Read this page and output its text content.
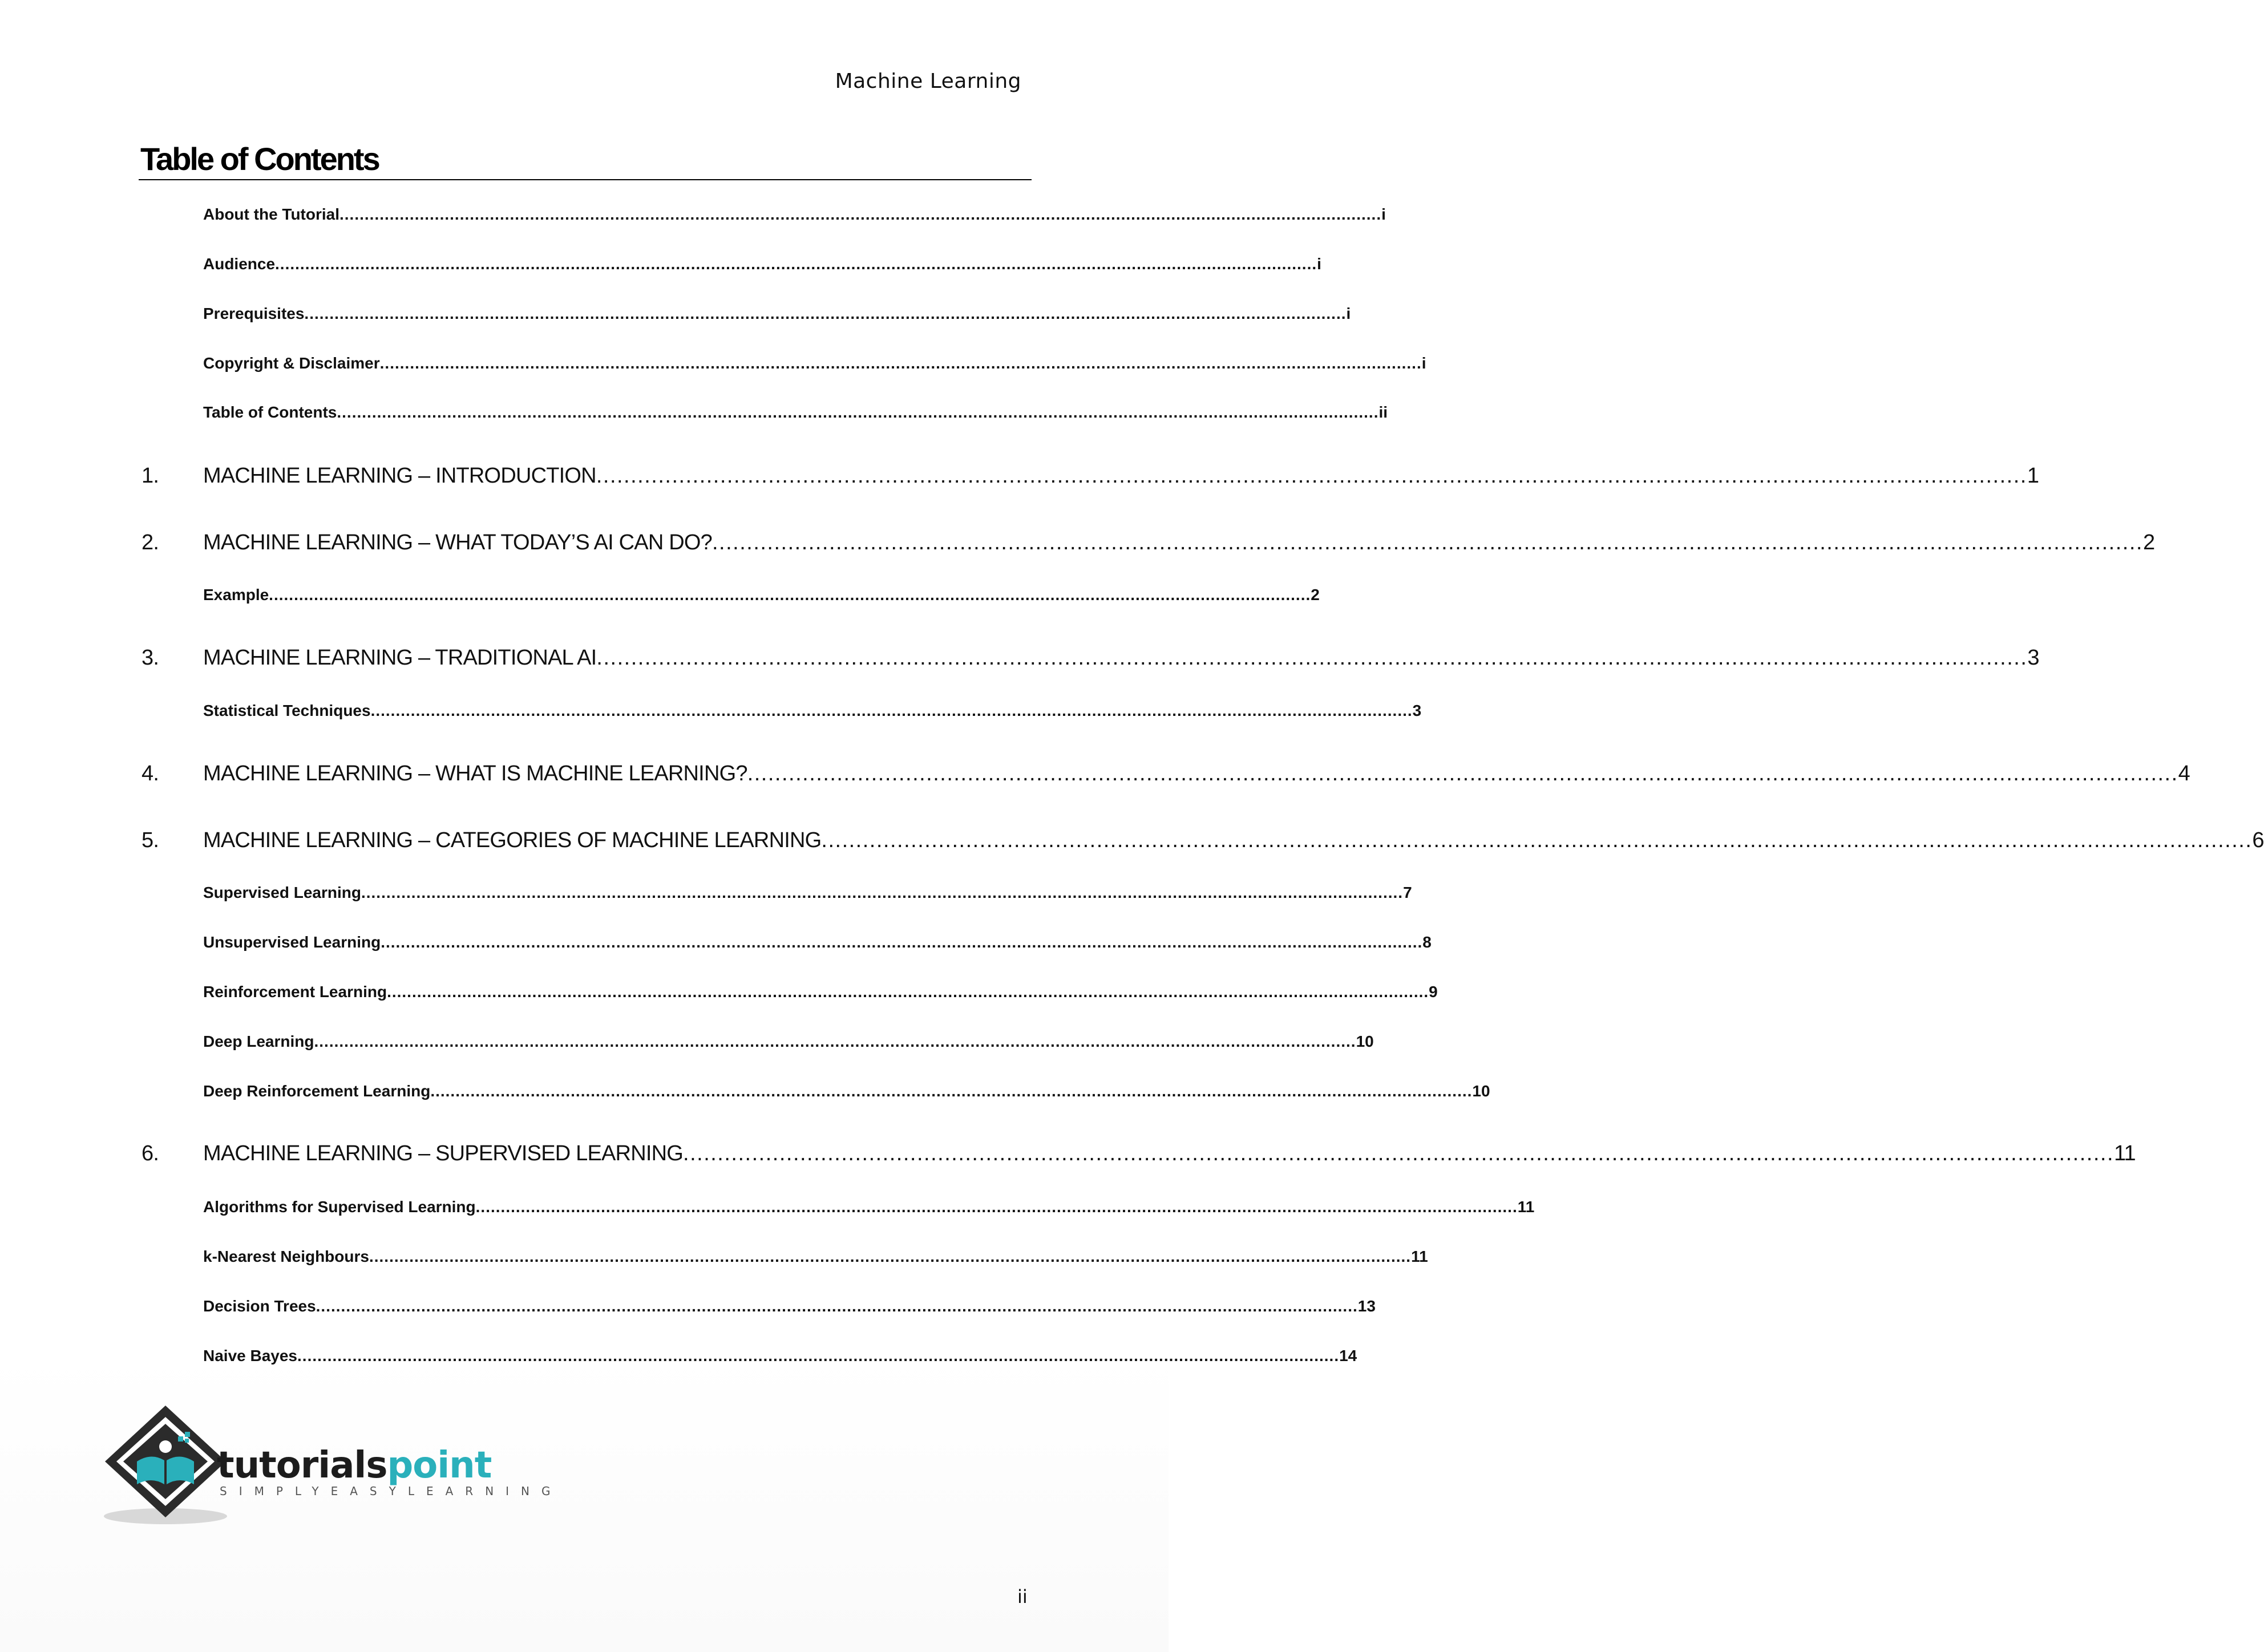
Machine Learning
Table of Contents
About the Tutorial ................................................................................................................................................................................................................ i
Audience ................................................................................................................................................................................................................ i
Prerequisites ................................................................................................................................................................................................................ i
Copyright & Disclaimer ................................................................................................................................................................................................................ i
Table of Contents ................................................................................................................................................................................................................ ii
1.	MACHINE LEARNING – INTRODUCTION ................................................................................................................................................................................................................ 1
2.	MACHINE LEARNING – WHAT TODAY’S AI CAN DO? ................................................................................................................................................................................................................ 2
Example ................................................................................................................................................................................................................ 2
3.	MACHINE LEARNING – TRADITIONAL AI ................................................................................................................................................................................................................ 3
Statistical Techniques ................................................................................................................................................................................................................ 3
4.	MACHINE LEARNING – WHAT IS MACHINE LEARNING? ................................................................................................................................................................................................................ 4
5.	MACHINE LEARNING – CATEGORIES OF MACHINE LEARNING ................................................................................................................................................................................................................ 6
Supervised Learning ................................................................................................................................................................................................................ 7
Unsupervised Learning ................................................................................................................................................................................................................ 8
Reinforcement Learning ................................................................................................................................................................................................................ 9
Deep Learning ................................................................................................................................................................................................................ 10
Deep Reinforcement Learning ................................................................................................................................................................................................................ 10
6.	MACHINE LEARNING – SUPERVISED LEARNING ................................................................................................................................................................................................................ 11
Algorithms for Supervised Learning ................................................................................................................................................................................................................ 11
k-Nearest Neighbours ................................................................................................................................................................................................................ 11
Decision Trees ................................................................................................................................................................................................................ 13
Naive Bayes ................................................................................................................................................................................................................ 14
tutorialspoint
SIMPLYEASYLEARNING
ii
